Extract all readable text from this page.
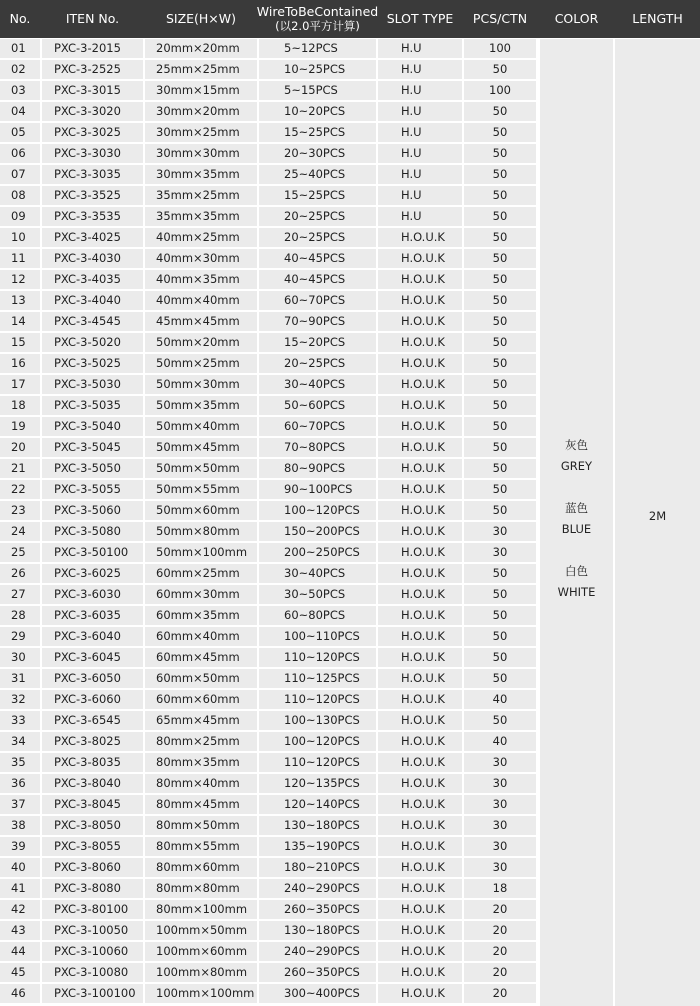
No.	ITEN No.	SIZE(H×W)	WireToBeContained
(以2.0平方计算)	SLOT TYPE	PCS/CTN	COLOR	LENGTH
01	PXC-3-2015	20mm×20mm	5~12PCS	H.U	100
02	PXC-3-2525	25mm×25mm	10~25PCS	H.U	50
03	PXC-3-3015	30mm×15mm	5~15PCS	H.U	100
04	PXC-3-3020	30mm×20mm	10~20PCS	H.U	50
05	PXC-3-3025	30mm×25mm	15~25PCS	H.U	50
06	PXC-3-3030	30mm×30mm	20~30PCS	H.U	50
07	PXC-3-3035	30mm×35mm	25~40PCS	H.U	50
08	PXC-3-3525	35mm×25mm	15~25PCS	H.U	50
09	PXC-3-3535	35mm×35mm	20~25PCS	H.U	50
10	PXC-3-4025	40mm×25mm	20~25PCS	H.O.U.K	50
11	PXC-3-4030	40mm×30mm	40~45PCS	H.O.U.K	50
12	PXC-3-4035	40mm×35mm	40~45PCS	H.O.U.K	50
13	PXC-3-4040	40mm×40mm	60~70PCS	H.O.U.K	50
14	PXC-3-4545	45mm×45mm	70~90PCS	H.O.U.K	50
15	PXC-3-5020	50mm×20mm	15~20PCS	H.O.U.K	50
16	PXC-3-5025	50mm×25mm	20~25PCS	H.O.U.K	50
17	PXC-3-5030	50mm×30mm	30~40PCS	H.O.U.K	50
18	PXC-3-5035	50mm×35mm	50~60PCS	H.O.U.K	50
19	PXC-3-5040	50mm×40mm	60~70PCS	H.O.U.K	50
20	PXC-3-5045	50mm×45mm	70~80PCS	H.O.U.K	50
21	PXC-3-5050	50mm×50mm	80~90PCS	H.O.U.K	50
22	PXC-3-5055	50mm×55mm	90~100PCS	H.O.U.K	50
23	PXC-3-5060	50mm×60mm	100~120PCS	H.O.U.K	50
24	PXC-3-5080	50mm×80mm	150~200PCS	H.O.U.K	30
25	PXC-3-50100	50mm×100mm	200~250PCS	H.O.U.K	30
26	PXC-3-6025	60mm×25mm	30~40PCS	H.O.U.K	50
27	PXC-3-6030	60mm×30mm	30~50PCS	H.O.U.K	50
28	PXC-3-6035	60mm×35mm	60~80PCS	H.O.U.K	50
29	PXC-3-6040	60mm×40mm	100~110PCS	H.O.U.K	50
30	PXC-3-6045	60mm×45mm	110~120PCS	H.O.U.K	50
31	PXC-3-6050	60mm×50mm	110~125PCS	H.O.U.K	50
32	PXC-3-6060	60mm×60mm	110~120PCS	H.O.U.K	40
33	PXC-3-6545	65mm×45mm	100~130PCS	H.O.U.K	50
34	PXC-3-8025	80mm×25mm	100~120PCS	H.O.U.K	40
35	PXC-3-8035	80mm×35mm	110~120PCS	H.O.U.K	30
36	PXC-3-8040	80mm×40mm	120~135PCS	H.O.U.K	30
37	PXC-3-8045	80mm×45mm	120~140PCS	H.O.U.K	30
38	PXC-3-8050	80mm×50mm	130~180PCS	H.O.U.K	30
39	PXC-3-8055	80mm×55mm	135~190PCS	H.O.U.K	30
40	PXC-3-8060	80mm×60mm	180~210PCS	H.O.U.K	30
41	PXC-3-8080	80mm×80mm	240~290PCS	H.O.U.K	18
42	PXC-3-80100	80mm×100mm	260~350PCS	H.O.U.K	20
43	PXC-3-10050	100mm×50mm	130~180PCS	H.O.U.K	20
44	PXC-3-10060	100mm×60mm	240~290PCS	H.O.U.K	20
45	PXC-3-10080	100mm×80mm	260~350PCS	H.O.U.K	20
46	PXC-3-100100	100mm×100mm	300~400PCS	H.O.U.K	20
灰色
GREY
蓝色
BLUE
白色
WHITE
2M
